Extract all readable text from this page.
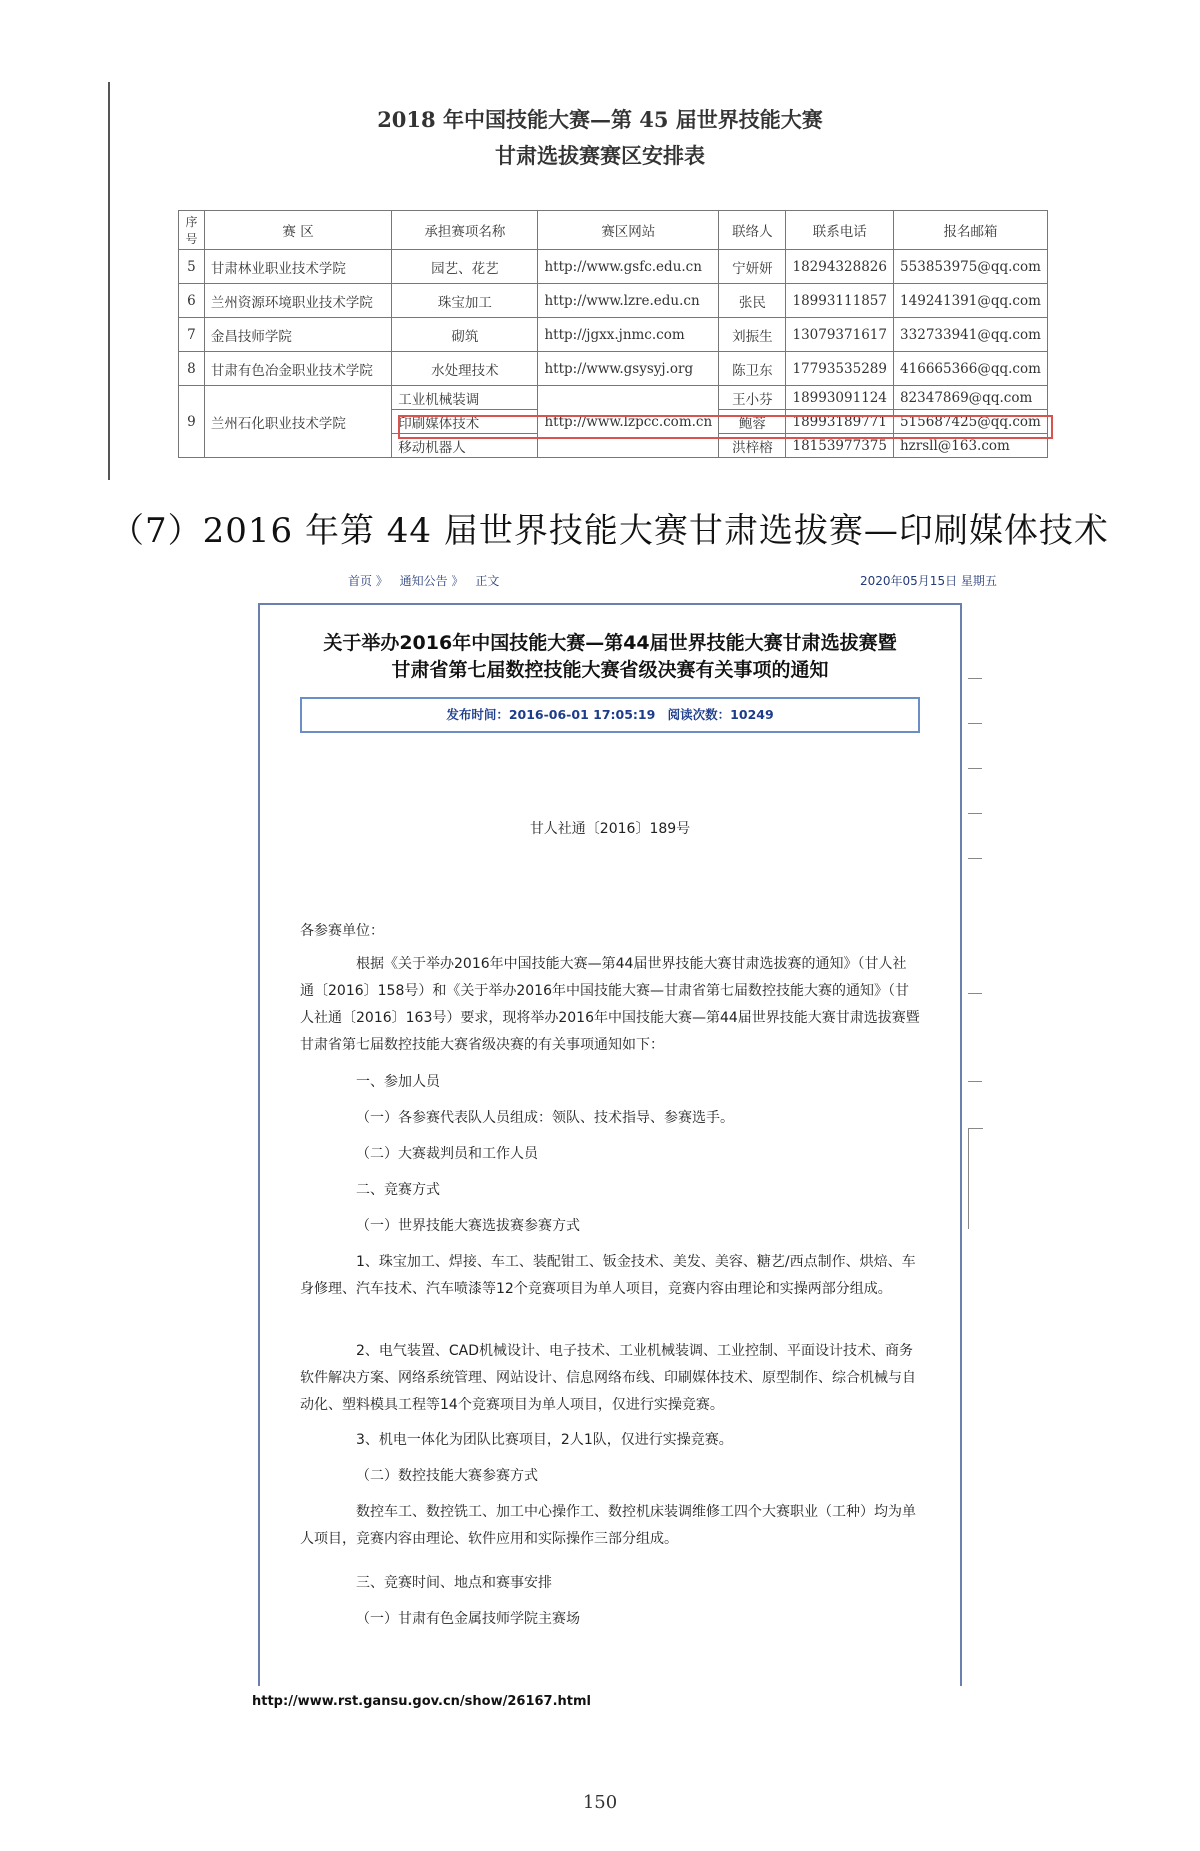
2018 年中国技能大赛—第 45 届世界技能大赛
甘肃选拔赛赛区安排表
序号	赛 区	承担赛项名称	赛区网站	联络人	联系电话	报名邮箱
5	甘肃林业职业技术学院	园艺、花艺	http://www.gsfc.edu.cn	宁妍妍	18294328826	553853975@qq.com
6	兰州资源环境职业技术学院	珠宝加工	http://www.lzre.edu.cn	张民	18993111857	149241391@qq.com
7	金昌技师学院	砌筑	http://jgxx.jnmc.com	刘振生	13079371617	332733941@qq.com
8	甘肃有色冶金职业技术学院	水处理技术	http://www.gsysyj.org	陈卫东	17793535289	416665366@qq.com
9	兰州石化职业技术学院	工业机械装调	http://www.lzpcc.com.cn	王小芬	18993091124	82347869@qq.com
		印刷媒体技术		鲍蓉	18993189771	515687425@qq.com
		移动机器人		洪梓榕	18153977375	hzrsll@163.com
（7）2016 年第 44 届世界技能大赛甘肃选拔赛—印刷媒体技术
首页 》 通知公告 》 正文	2020年05月15日 星期五
关于举办2016年中国技能大赛—第44届世界技能大赛甘肃选拔赛暨
甘肃省第七届数控技能大赛省级决赛有关事项的通知
发布时间：2016-06-01 17:05:19 阅读次数：10249
甘人社通〔2016〕189号
各参赛单位：
根据《关于举办2016年中国技能大赛—第44届世界技能大赛甘肃选拔赛的通知》（甘人社通〔2016〕158号）和《关于举办2016年中国技能大赛—甘肃省第七届数控技能大赛的通知》（甘人社通〔2016〕163号）要求，现将举办2016年中国技能大赛—第44届世界技能大赛甘肃选拔赛暨甘肃省第七届数控技能大赛省级决赛的有关事项通知如下：
一、参加人员
（一）各参赛代表队人员组成：领队、技术指导、参赛选手。
（二）大赛裁判员和工作人员
二、竞赛方式
（一）世界技能大赛选拔赛参赛方式
1、珠宝加工、焊接、车工、装配钳工、钣金技术、美发、美容、糖艺/西点制作、烘焙、车身修理、汽车技术、汽车喷漆等12个竞赛项目为单人项目，竞赛内容由理论和实操两部分组成。
2、电气装置、CAD机械设计、电子技术、工业机械装调、工业控制、平面设计技术、商务软件解决方案、网络系统管理、网站设计、信息网络布线、印刷媒体技术、原型制作、综合机械与自动化、塑料模具工程等14个竞赛项目为单人项目，仅进行实操竞赛。
3、机电一体化为团队比赛项目，2人1队，仅进行实操竞赛。
（二）数控技能大赛参赛方式
数控车工、数控铣工、加工中心操作工、数控机床装调维修工四个大赛职业（工种）均为单人项目，竞赛内容由理论、软件应用和实际操作三部分组成。
三、竞赛时间、地点和赛事安排
（一）甘肃有色金属技师学院主赛场
http://www.rst.gansu.gov.cn/show/26167.html
150
